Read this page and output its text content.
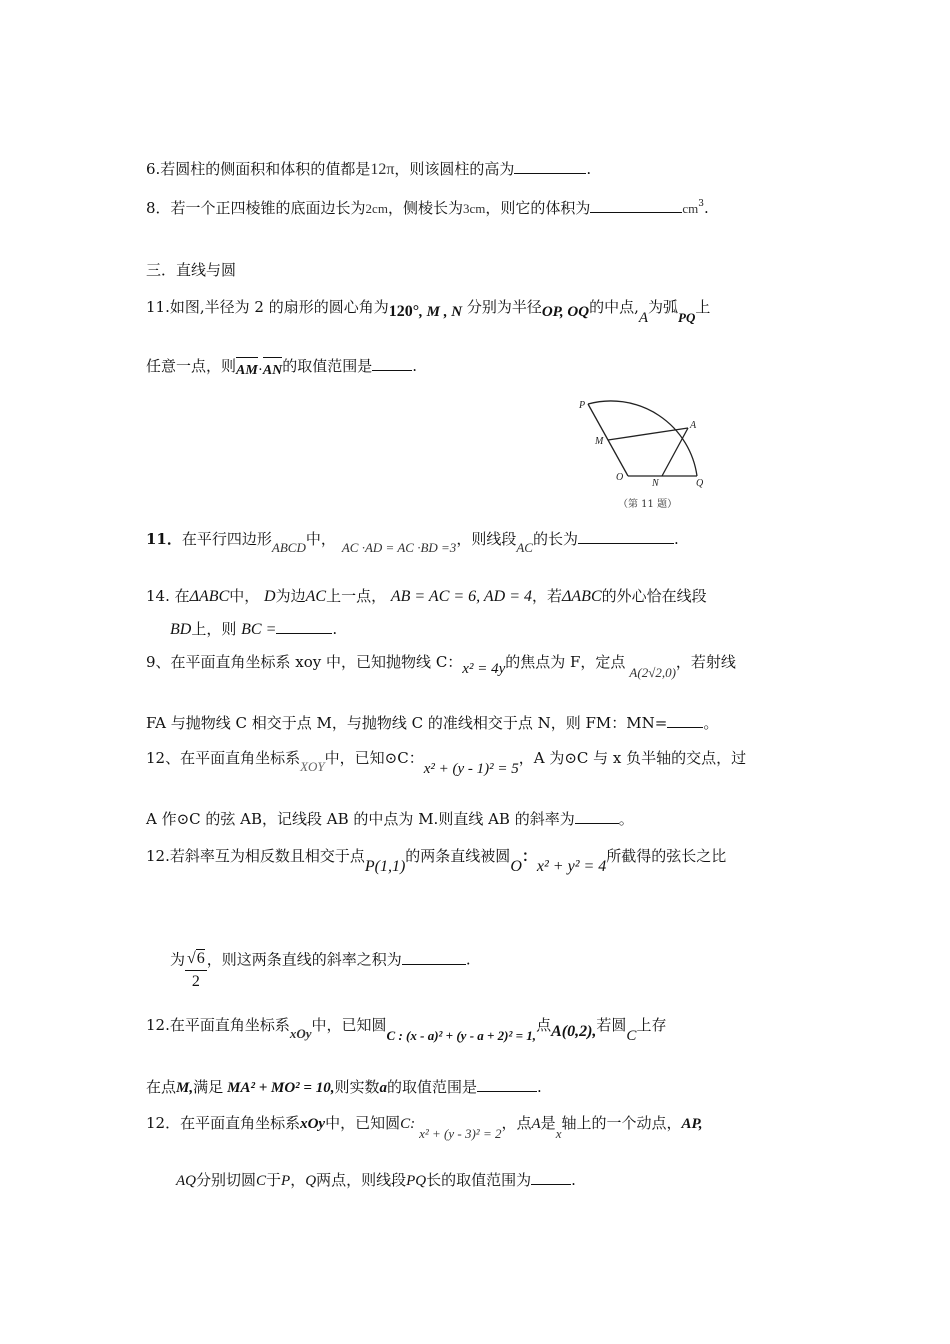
6.若圆柱的侧面积和体积的值都是12π，则该圆柱的高为	.
8．若一个正四棱锥的底面边长为2cm，侧棱长为3cm，则它的体积为	$cm^3$.
三．直线与圆
11.如图,半径为 2 的扇形的圆心角为120°, M , N 分别为半径OP, OQ的中点,A为弧PQ上
任意一点，则AM·AN的取值范围是	.
P
M
O
N	Q
A
（第 11 题）
11．在平行四边形ABCD中， AC ·AD = AC ·BD =3，则线段AC的长为	.
14. 在ΔABC中， D为边AC上一点， AB = AC = 6, AD = 4，若ΔABC的外心恰在线段
BD上，则 BC =	.
9、在平面直角坐标系 xoy 中，已知抛物线 C：x² = 4y的焦点为 F，定点A(2√2,0)，若射线
FA 与抛物线 C 相交于点 M，与抛物线 C 的准线相交于点 N，则 FM：MN= 。
12、在平面直角坐标系XOY中，已知⊙C：x² + (y - 1)² = 5，A 为⊙C 与 x 负半轴的交点，过
A 作⊙C 的弦 AB，记线段 AB 的中点为 M.则直线 AB 的斜率为	。
12.若斜率互为相反数且相交于点P(1,1)的两条直线被圆O：x² + y² = 4所截得的弦长之比
为 $\frac{√6}{2}$ ，则这两条直线的斜率之积为	.
12.在平面直角坐标系xOy中，已知圆C : (x - a)² + (y - a + 2)² = 1,点A(0,2),若圆C上存
在点M,满足 MA² + MO² = 10,则实数a的取值范围是	.
12．在平面直角坐标系xOy中，已知圆C:x² + (y - 3)² = 2，点A是x轴上的一个动点，AP,
AQ分别切圆C于P，Q两点，则线段PQ长的取值范围为	.
